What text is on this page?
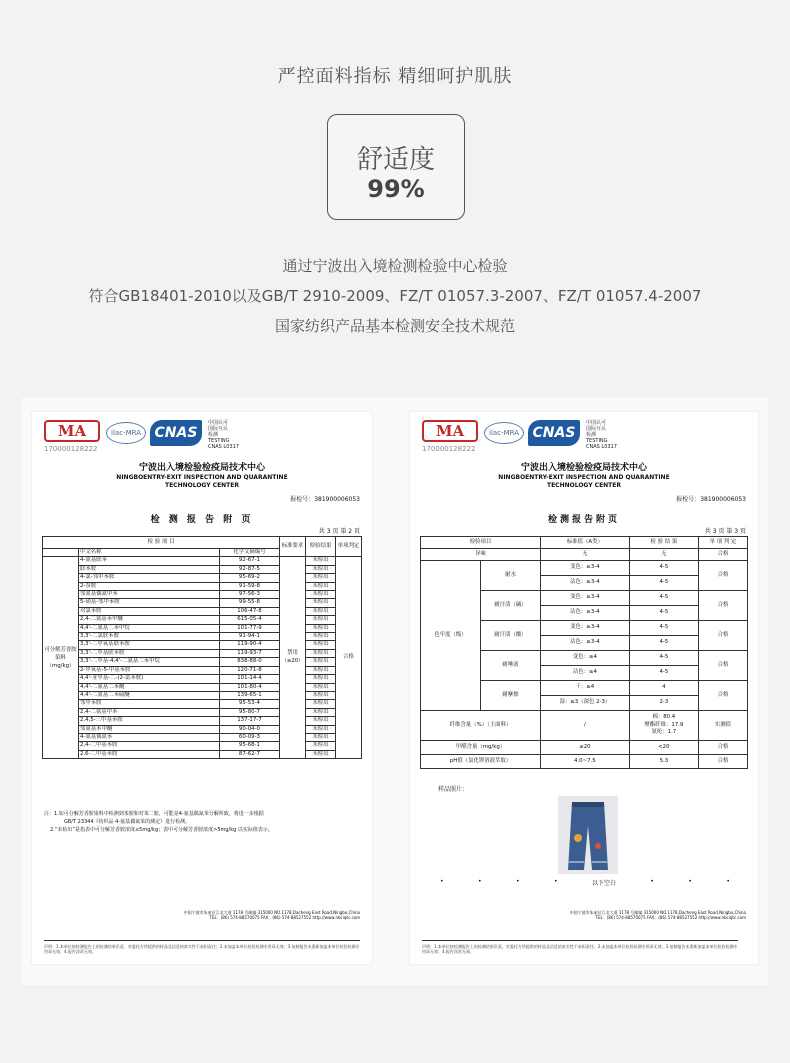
严控面料指标 精细呵护肌肤
舒适度
99%
通过宁波出入境检测检验中心检验
符合GB18401-2010以及GB/T 2910-2009、FZ/T 01057.3-2007、FZ/T 01057.4-2007
国家纺织产品基本检测安全技术规范
MA
170000128222
ilac-MRA CNAS
中国认可
国际互认
检测
TESTING
CNAS L0317
宁波出入境检验检疫局技术中心
NINGBOENTRY-EXIT INSPECTION AND QUARANTINE
TECHNOLOGY CENTER
报检号：381900006053
检 测 报 告 附 页
共 3 页 第 2 页
检 验 项 目			标准要求	检验结果	单项判定
	中文名称	化学文摘编号			
可分解芳香胺染料（mg/kg）	4-氨基联苯	92-67-1	禁用（≤20）	未检出	合格
	联苯胺	92-87-5		未检出	
	4-氯-邻甲苯胺	95-69-2		未检出	
	2-萘胺	91-59-8		未检出	
	邻氨基偶氮甲苯	97-56-3		未检出	
	5-硝基-邻甲苯胺	99-55-8		未检出	
	对氯苯胺	106-47-8		未检出	
	2,4-二氨基苯甲醚	615-05-4		未检出	
	4,4'-二氨基二苯甲烷	101-77-9		未检出	
	3,3'-二氯联苯胺	91-94-1		未检出	
	3,3'-二甲氧基联苯胺	119-90-4		未检出	
	3,3'-二甲基联苯胺	119-93-7		未检出	
	3,3'-二甲基-4,4'-二氨基二苯甲烷	838-88-0		未检出	
	2-甲氧基-5-甲基苯胺	120-71-8		未检出	
	4,4'-亚甲基-二-(2-氯苯胺)	101-14-4		未检出	
	4,4'-二氨基二苯醚	101-80-4		未检出	
	4,4'-二氨基二苯硫醚	139-65-1		未检出	
	邻甲苯胺	95-53-4		未检出	
	2,4-二氨基甲苯	95-80-7		未检出	
	2,4,5-三甲基苯胺	137-17-7		未检出	
	邻氨基苯甲醚	90-04-0		未检出	
	4-氨基偶氮苯	60-09-3		未检出	
	2,4-二甲基苯胺	95-68-1		未检出	
	2,6-二甲基苯胺	87-62-7		未检出	
注：1.如可分解芳香胺染料中检测到苯胺和对苯二胺，可能是4-氨基偶氮苯分解所致，将进一步根据
GB/T 23344《纺织品 4-氨基偶氮苯的测定》进行检测。
2.“未检出”是指表中可分解芳香胺浓度≤5mg/kg；表中可分解芳香胺浓度>5mg/kg 以实际值表示。
中国宁波市朱雀区江北大道 1178 号邮编 315000 NO.1178,Dacheng East Road,Ningbo,China
TEL：(86) 574-88570075 FAX：(86) 574-88527552 http://www.nbciqtc.com
声明：1.本单位按检测报告上的检测结果负责，对委托方所提供的样品及信息的真实性不承担责任；2.未加盖本单位检验检测专用章无效；3.复制报告未重新加盖本单位检验检测专用章无效；4.报告涂改无效。
MA
170000128222
ilac-MRA CNAS
中国认可
国际互认
检测
TESTING
CNAS L0317
宁波出入境检验检疫局技术中心
NINGBOENTRY-EXIT INSPECTION AND QUARANTINE
TECHNOLOGY CENTER
报检号：381900006053
检测报告附页
共 3 页 第 3 页
检验项目		标准值（A类）	检 验 结 果	单 项 判 定
异味		无	无	合格
色牢度（级）	耐水	变色：≥3-4	4-5	合格
		沾色：≥3-4	4-5	
	耐汗渍（碱）	变色：≥3-4	4-5	合格
		沾色：≥3-4	4-5	
	耐汗渍（酸）	变色：≥3-4	4-5	合格
		沾色：≥3-4	4-5	
	耐唾液	变色：≥4	4-5	合格
		沾色：≥4	4-5	
	耐摩擦	干：≥4	4	合格
		湿：≥3（深色 2-3）	2-3	
纤维含量（%）（主面料）		/	棉：80.4
聚酯纤维：17.9
氨纶：1.7	实测值
甲醛含量（mg/kg）		≤20	<20	合格
pH值（氯化钾溶液萃取）		4.0~7.5	5.3	合格
样品照片：
•	•	•	•	以下空白	•	•	•
中国宁波市朱雀区江北大道 1178 号邮编 315000 NO.1178,Dacheng East Road,Ningbo,China
TEL：(86) 574-88570075 FAX：(86) 574-88527552 http://www.nbciqtc.com
声明：1.本单位按检测报告上的检测结果负责，对委托方所提供的样品及信息的真实性不承担责任；2.未加盖本单位检验检测专用章无效；3.复制报告未重新加盖本单位检验检测专用章无效；4.报告涂改无效。
